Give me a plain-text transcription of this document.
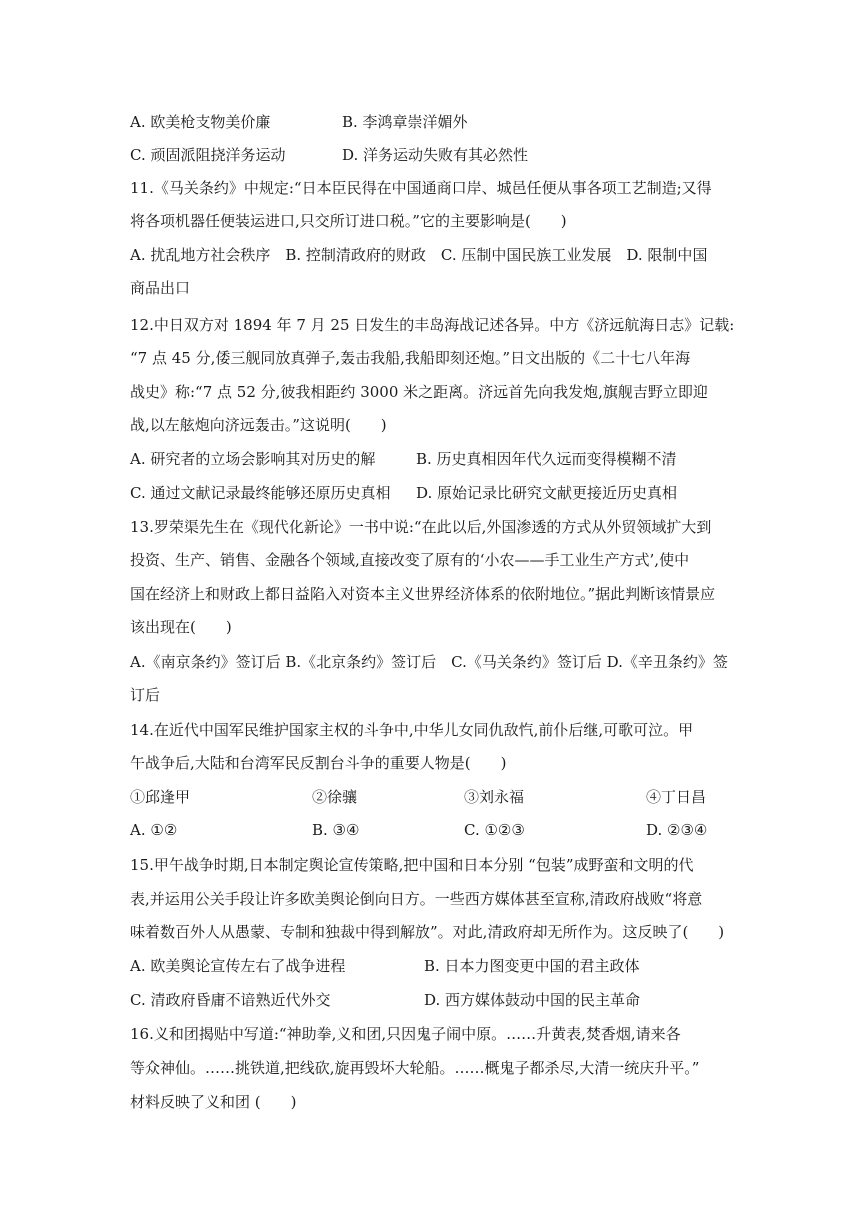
A. 欧美枪支物美价廉	B. 李鸿章崇洋媚外
C. 顽固派阻挠洋务运动	D. 洋务运动失败有其必然性
11.《马关条约》中规定:“日本臣民得在中国通商口岸、城邑任便从事各项工艺制造;又得
将各项机器任便装运进口,只交所订进口税。”它的主要影响是(　　)
A. 扰乱地方社会秩序　B. 控制清政府的财政　C. 压制中国民族工业发展　D. 限制中国
商品出口
12.中日双方对 1894 年 7 月 25 日发生的丰岛海战记述各异。中方《济远航海日志》记载:
“7 点 45 分,倭三舰同放真弹子,轰击我船,我船即刻还炮。”日文出版的《二十七八年海
战史》称:“7 点 52 分,彼我相距约 3000 米之距离。济远首先向我发炮,旗舰吉野立即迎
战,以左舷炮向济远轰击。”这说明(　　)
A. 研究者的立场会影响其对历史的解	B. 历史真相因年代久远而变得模糊不清
C. 通过文献记录最终能够还原历史真相 D. 原始记录比研究文献更接近历史真相
13.罗荣渠先生在《现代化新论》一书中说:“在此以后,外国渗透的方式从外贸领域扩大到
投资、生产、销售、金融各个领域,直接改变了原有的‘小农——手工业生产方式’,使中
国在经济上和财政上都日益陷入对资本主义世界经济体系的依附地位。”据此判断该情景应
该出现在(　　)
A.《南京条约》签订后 B.《北京条约》签订后　C.《马关条约》签订后 D.《辛丑条约》签
订后
14.在近代中国军民维护国家主权的斗争中,中华儿女同仇敌忾,前仆后继,可歌可泣。甲
午战争后,大陆和台湾军民反割台斗争的重要人物是(　　)
①邱逢甲	②徐骧	③刘永福	④丁日昌
A. ①②	B. ③④	C. ①②③	D. ②③④
15.甲午战争时期,日本制定舆论宣传策略,把中国和日本分别 “包装”成野蛮和文明的代
表,并运用公关手段让许多欧美舆论倒向日方。一些西方媒体甚至宣称,清政府战败“将意
味着数百外人从愚蒙、专制和独裁中得到解放”。对此,清政府却无所作为。这反映了(　　)
A. 欧美舆论宣传左右了战争进程	B. 日本力图变更中国的君主政体
C. 清政府昏庸不谙熟近代外交	D. 西方媒体鼓动中国的民主革命
16.义和团揭贴中写道:“神助拳,义和团,只因鬼子闹中原。……升黄表,焚香烟,请来各
等众神仙。……挑铁道,把线砍,旋再毁坏大轮船。……概鬼子都杀尽,大清一统庆升平。”
材料反映了义和团 (　　)
